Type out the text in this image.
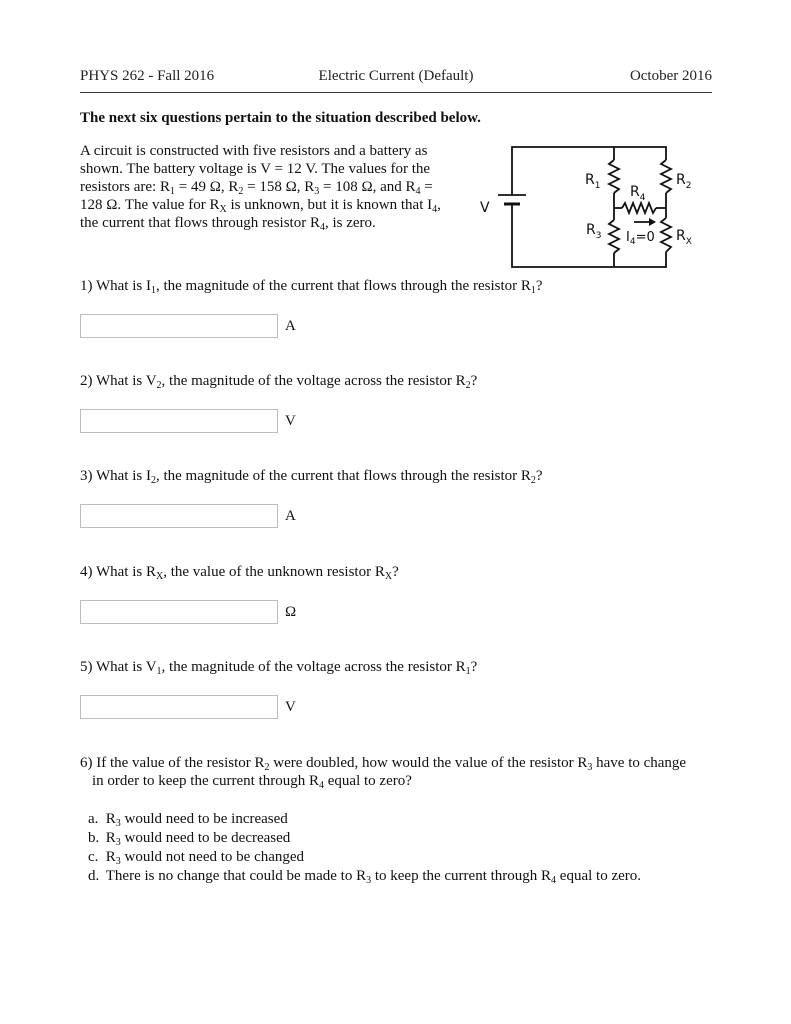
PHYS 262 - Fall 2016	Electric Current (Default)	October 2016
The next six questions pertain to the situation described below.
A circuit is constructed with five resistors and a battery as
shown. The battery voltage is V = 12 V. The values for the
resistors are: $R_1 = 49$ Ω, $R_2 = 158$ Ω, $R_3 = 108$ Ω, and $R_4$ =
128 Ω. The value for $R_X$ is unknown, but it is known that $I_4$,
the current that flows through resistor $R_4$, is zero.
V
$R_1$	$R_2$
$R_4$
$R_3$ $I_4=0$ $R_X$
1) What is $I_1$, the magnitude of the current that flows through the resistor $R_1$?
A
2) What is $V_2$, the magnitude of the voltage across the resistor $R_2$?
V
3) What is $I_2$, the magnitude of the current that flows through the resistor $R_2$?
A
4) What is $R_X$, the value of the unknown resistor $R_X$?
Ω
5) What is $V_1$, the magnitude of the voltage across the resistor $R_1$?
V
6) If the value of the resistor $R_2$ were doubled, how would the value of the resistor $R_3$ have to change
in order to keep the current through $R_4$ equal to zero?
a. $R_3$ would need to be increased
b. $R_3$ would need to be decreased
c. $R_3$ would not need to be changed
d. There is no change that could be made to $R_3$ to keep the current through $R_4$ equal to zero.
